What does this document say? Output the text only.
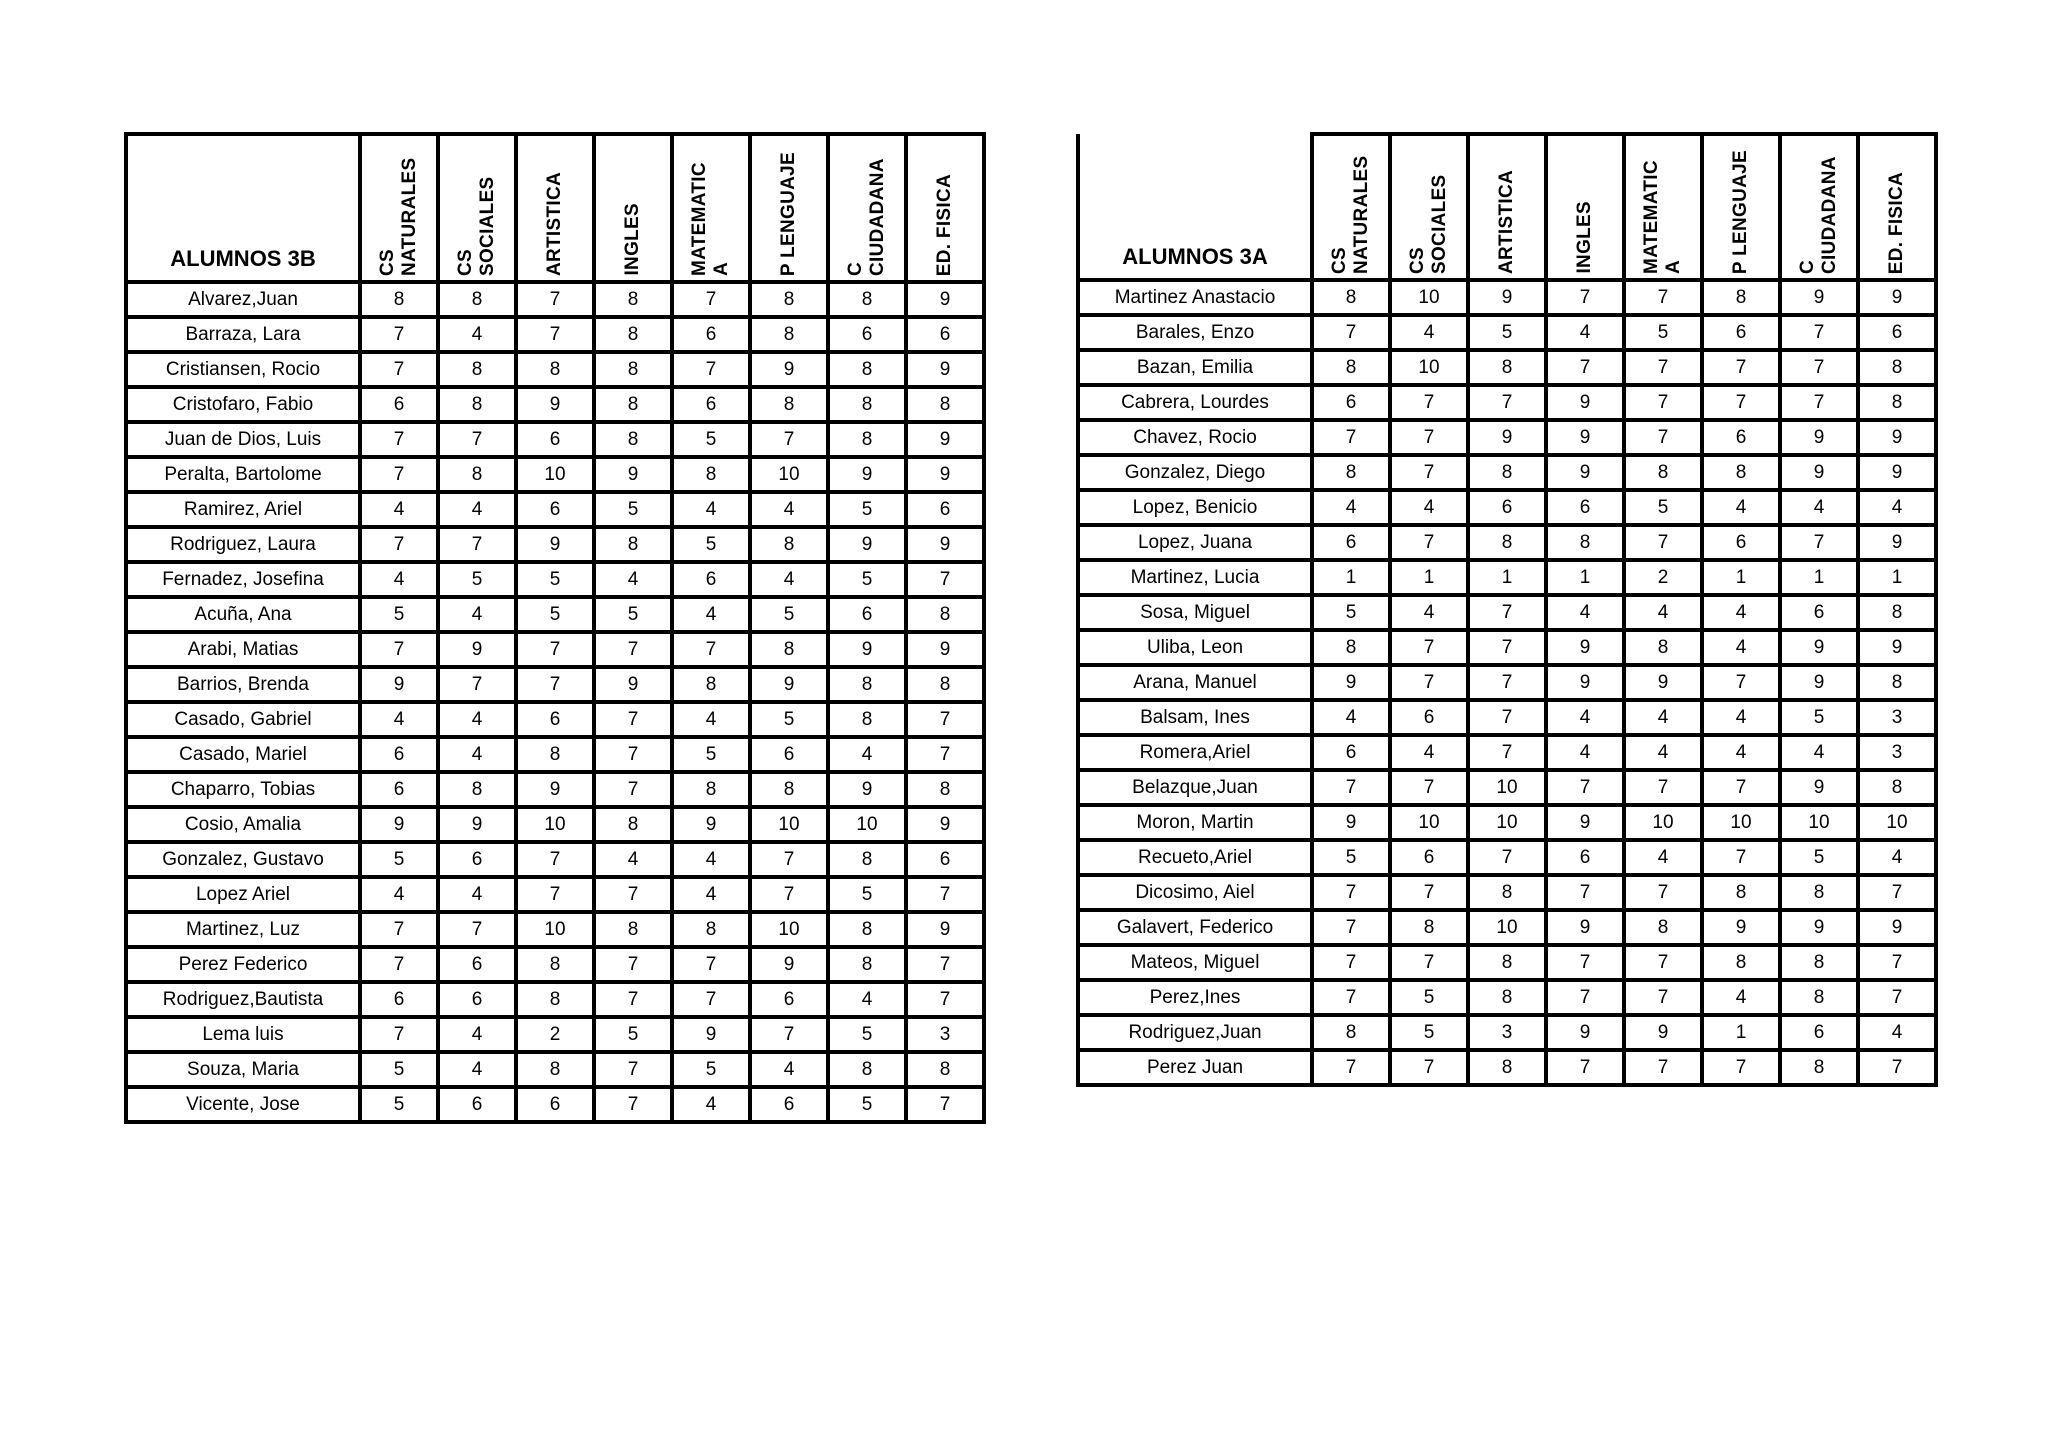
ALUMNOS 3B	CS NATURALES	CS SOCIALES	ARTISTICA	INGLES	MATEMATIC A	P LENGUAJE	C CIUDADANA	ED. FISICA

Alvarez,Juan	8	8	7	8	7	8	8	9
Barraza, Lara	7	4	7	8	6	8	6	6
Cristiansen, Rocio	7	8	8	8	7	9	8	9
Cristofaro, Fabio	6	8	9	8	6	8	8	8
Juan de Dios, Luis	7	7	6	8	5	7	8	9
Peralta, Bartolome	7	8	10	9	8	10	9	9
Ramirez, Ariel	4	4	6	5	4	4	5	6
Rodriguez, Laura	7	7	9	8	5	8	9	9
Fernadez, Josefina	4	5	5	4	6	4	5	7
Acuña, Ana	5	4	5	5	4	5	6	8
Arabi, Matias	7	9	7	7	7	8	9	9
Barrios, Brenda	9	7	7	9	8	9	8	8
Casado, Gabriel	4	4	6	7	4	5	8	7
Casado, Mariel	6	4	8	7	5	6	4	7
Chaparro, Tobias	6	8	9	7	8	8	9	8
Cosio, Amalia	9	9	10	8	9	10	10	9
Gonzalez, Gustavo	5	6	7	4	4	7	8	6
Lopez Ariel	4	4	7	7	4	7	5	7
Martinez, Luz	7	7	10	8	8	10	8	9
Perez Federico	7	6	8	7	7	9	8	7
Rodriguez,Bautista	6	6	8	7	7	6	4	7
Lema luis	7	4	2	5	9	7	5	3
Souza, Maria	5	4	8	7	5	4	8	8
Vicente, Jose	5	6	6	7	4	6	5	7
ALUMNOS 3A	CS NATURALES	CS SOCIALES	ARTISTICA	INGLES	MATEMATIC A	P LENGUAJE	C CIUDADANA	ED. FISICA

Martinez Anastacio	8	10	9	7	7	8	9	9
Barales, Enzo	7	4	5	4	5	6	7	6
Bazan, Emilia	8	10	8	7	7	7	7	8
Cabrera, Lourdes	6	7	7	9	7	7	7	8
Chavez, Rocio	7	7	9	9	7	6	9	9
Gonzalez, Diego	8	7	8	9	8	8	9	9
Lopez, Benicio	4	4	6	6	5	4	4	4
Lopez, Juana	6	7	8	8	7	6	7	9
Martinez, Lucia	1	1	1	1	2	1	1	1
Sosa, Miguel	5	4	7	4	4	4	6	8
Uliba, Leon	8	7	7	9	8	4	9	9
Arana, Manuel	9	7	7	9	9	7	9	8
Balsam, Ines	4	6	7	4	4	4	5	3
Romera,Ariel	6	4	7	4	4	4	4	3
Belazque,Juan	7	7	10	7	7	7	9	8
Moron, Martin	9	10	10	9	10	10	10	10
Recueto,Ariel	5	6	7	6	4	7	5	4
Dicosimo, Aiel	7	7	8	7	7	8	8	7
Galavert, Federico	7	8	10	9	8	9	9	9
Mateos, Miguel	7	7	8	7	7	8	8	7
Perez,Ines	7	5	8	7	7	4	8	7
Rodriguez,Juan	8	5	3	9	9	1	6	4
Perez Juan	7	7	8	7	7	7	8	7
